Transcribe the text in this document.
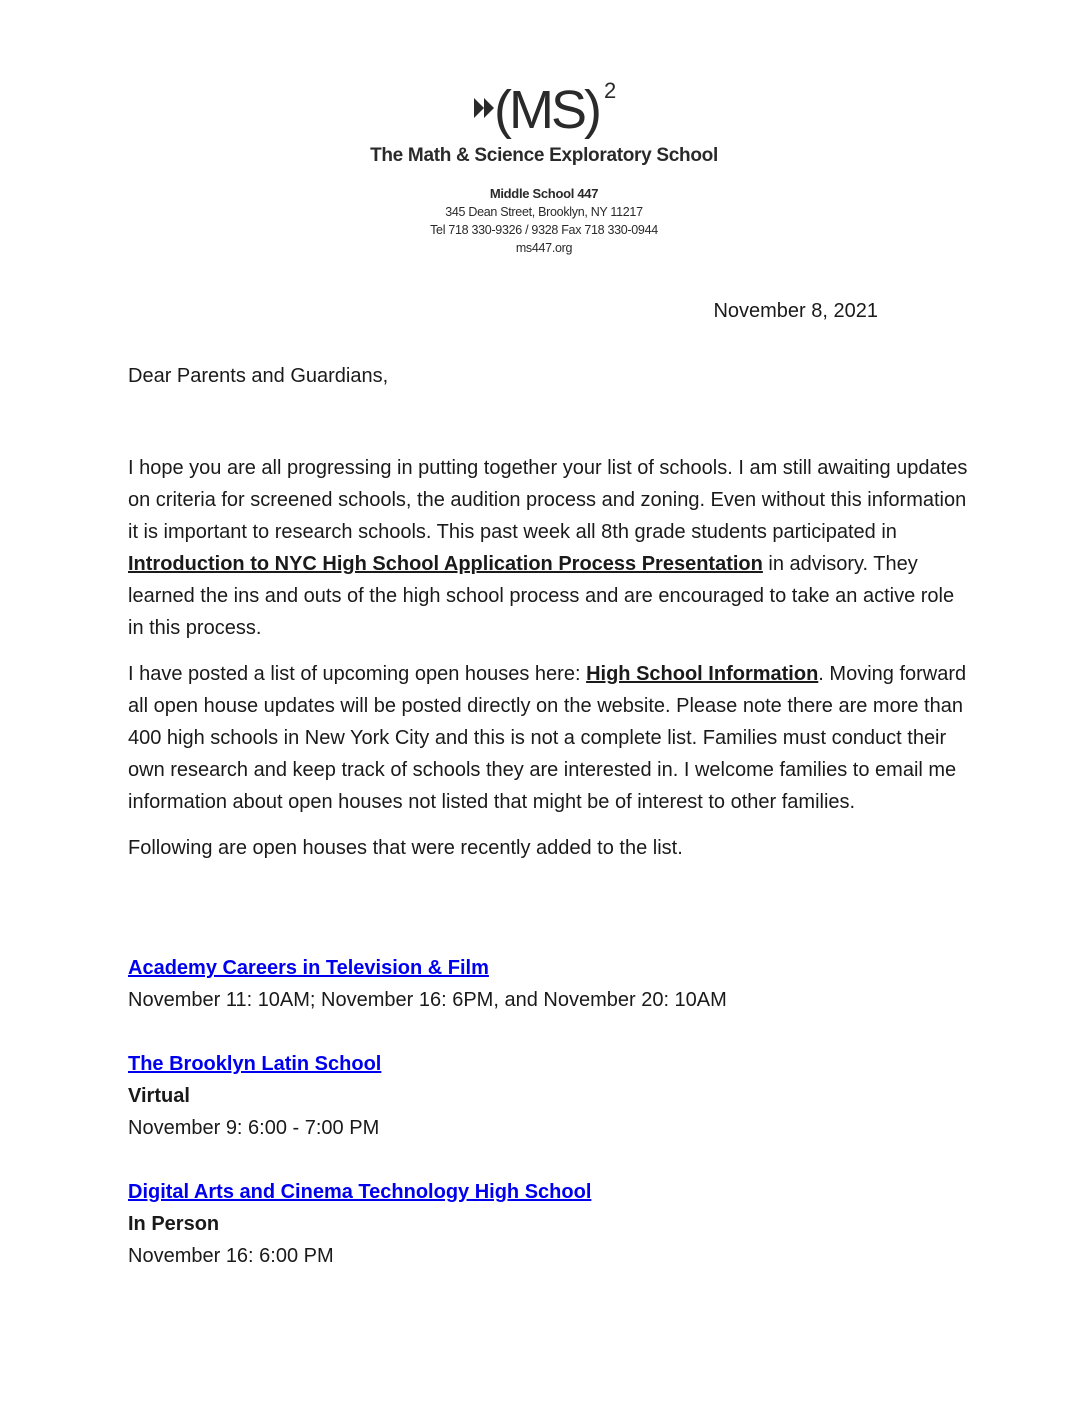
(MS) 2
The Math & Science Exploratory School
Middle School 447
345 Dean Street, Brooklyn, NY 11217
Tel 718 330-9326 / 9328 Fax 718 330-0944
ms447.org
November 8, 2021
Dear Parents and Guardians,

I hope you are all progressing in putting together your list of schools. I am still awaiting updates on criteria for screened schools, the audition process and zoning. Even without this information it is important to research schools. This past week all 8th grade students participated in Introduction to NYC High School Application Process Presentation in advisory. They learned the ins and outs of the high school process and are encouraged to take an active role in this process.

I have posted a list of upcoming open houses here: High School Information. Moving forward all open house updates will be posted directly on the website. Please note there are more than 400 high schools in New York City and this is not a complete list. Families must conduct their own research and keep track of schools they are interested in. I welcome families to email me information about open houses not listed that might be of interest to other families.

Following are open houses that were recently added to the list.

Academy Careers in Television & Film
November 11: 10AM; November 16: 6PM, and November 20: 10AM
The Brooklyn Latin School
Virtual
November 9: 6:00 - 7:00 PM
Digital Arts and Cinema Technology High School
In Person
November 16: 6:00 PM
